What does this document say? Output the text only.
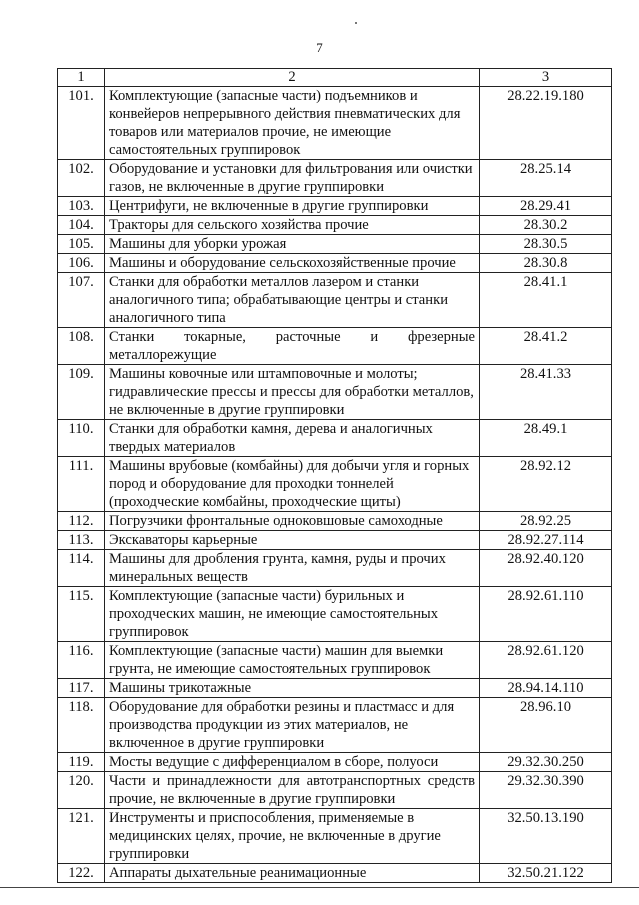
7
1	2	3
101.	Комплектующие (запасные части) подъемников и конвейеров непрерывного действия пневматических для товаров или материалов прочие, не имеющие самостоятельных группировок	28.22.19.180
102.	Оборудование и установки для фильтрования или очистки газов, не включенные в другие группировки	28.25.14
103.	Центрифуги, не включенные в другие группировки	28.29.41
104.	Тракторы для сельского хозяйства прочие	28.30.2
105.	Машины для уборки урожая	28.30.5
106.	Машины и оборудование сельскохозяйственные прочие	28.30.8
107.	Станки для обработки металлов лазером и станки аналогичного типа; обрабатывающие центры и станки аналогичного типа	28.41.1
108.	Станки токарные, расточные и фрезерные металлорежущие	28.41.2
109.	Машины ковочные или штамповочные и молоты; гидравлические прессы и прессы для обработки металлов, не включенные в другие группировки	28.41.33
110.	Станки для обработки камня, дерева и аналогичных твердых материалов	28.49.1
111.	Машины врубовые (комбайны) для добычи угля и горных пород и оборудование для проходки тоннелей (проходческие комбайны, проходческие щиты)	28.92.12
112.	Погрузчики фронтальные одноковшовые самоходные	28.92.25
113.	Экскаваторы карьерные	28.92.27.114
114.	Машины для дробления грунта, камня, руды и прочих минеральных веществ	28.92.40.120
115.	Комплектующие (запасные части) бурильных и проходческих машин, не имеющие самостоятельных группировок	28.92.61.110
116.	Комплектующие (запасные части) машин для выемки грунта, не имеющие самостоятельных группировок	28.92.61.120
117.	Машины трикотажные	28.94.14.110
118.	Оборудование для обработки резины и пластмасс и для производства продукции из этих материалов, не включенное в другие группировки	28.96.10
119.	Мосты ведущие с дифференциалом в сборе, полуоси	29.32.30.250
120.	Части и принадлежности для автотранспортных средств прочие, не включенные в другие группировки	29.32.30.390
121.	Инструменты и приспособления, применяемые в медицинских целях, прочие, не включенные в другие группировки	32.50.13.190
122.	Аппараты дыхательные реанимационные	32.50.21.122
